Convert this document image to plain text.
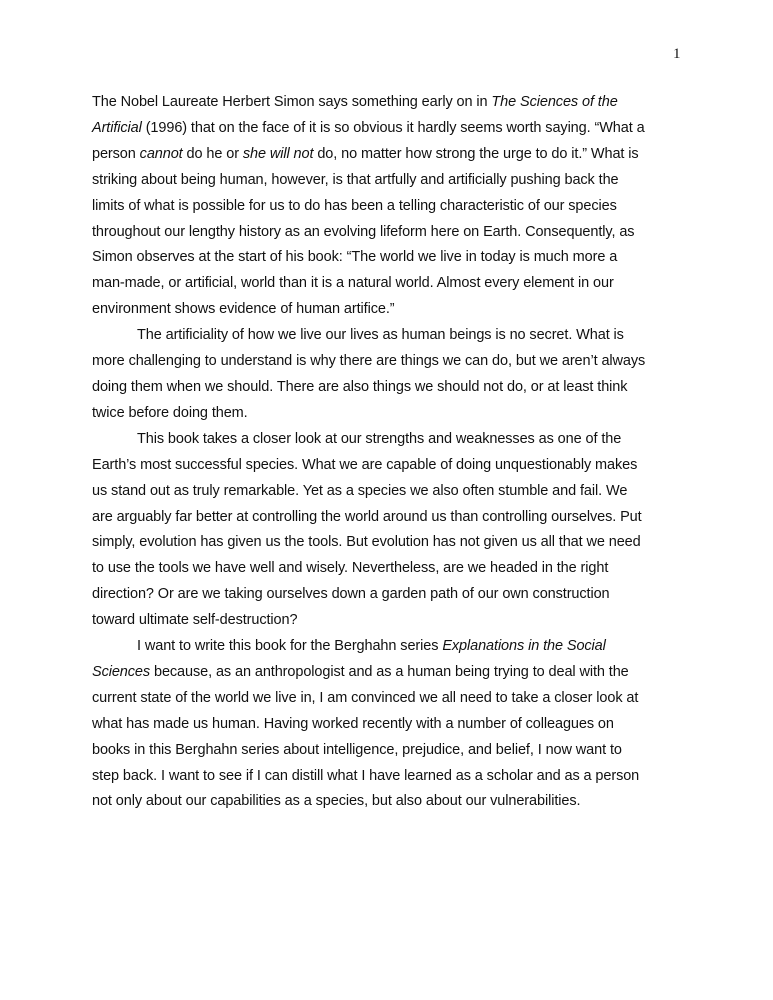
1

The Nobel Laureate Herbert Simon says something early on in The Sciences of the
Artificial (1996) that on the face of it is so obvious it hardly seems worth saying. “What a
person cannot do he or she will not do, no matter how strong the urge to do it.” What is
striking about being human, however, is that artfully and artificially pushing back the
limits of what is possible for us to do has been a telling characteristic of our species
throughout our lengthy history as an evolving lifeform here on Earth. Consequently, as
Simon observes at the start of his book: “The world we live in today is much more a
man-made, or artificial, world than it is a natural world. Almost every element in our
environment shows evidence of human artifice.”

The artificiality of how we live our lives as human beings is no secret. What is
more challenging to understand is why there are things we can do, but we aren’t always
doing them when we should. There are also things we should not do, or at least think
twice before doing them.

This book takes a closer look at our strengths and weaknesses as one of the
Earth’s most successful species. What we are capable of doing unquestionably makes
us stand out as truly remarkable. Yet as a species we also often stumble and fail. We
are arguably far better at controlling the world around us than controlling ourselves. Put
simply, evolution has given us the tools. But evolution has not given us all that we need
to use the tools we have well and wisely. Nevertheless, are we headed in the right
direction? Or are we taking ourselves down a garden path of our own construction
toward ultimate self-destruction?

I want to write this book for the Berghahn series Explanations in the Social
Sciences because, as an anthropologist and as a human being trying to deal with the
current state of the world we live in, I am convinced we all need to take a closer look at
what has made us human. Having worked recently with a number of colleagues on
books in this Berghahn series about intelligence, prejudice, and belief, I now want to
step back. I want to see if I can distill what I have learned as a scholar and as a person
not only about our capabilities as a species, but also about our vulnerabilities.
